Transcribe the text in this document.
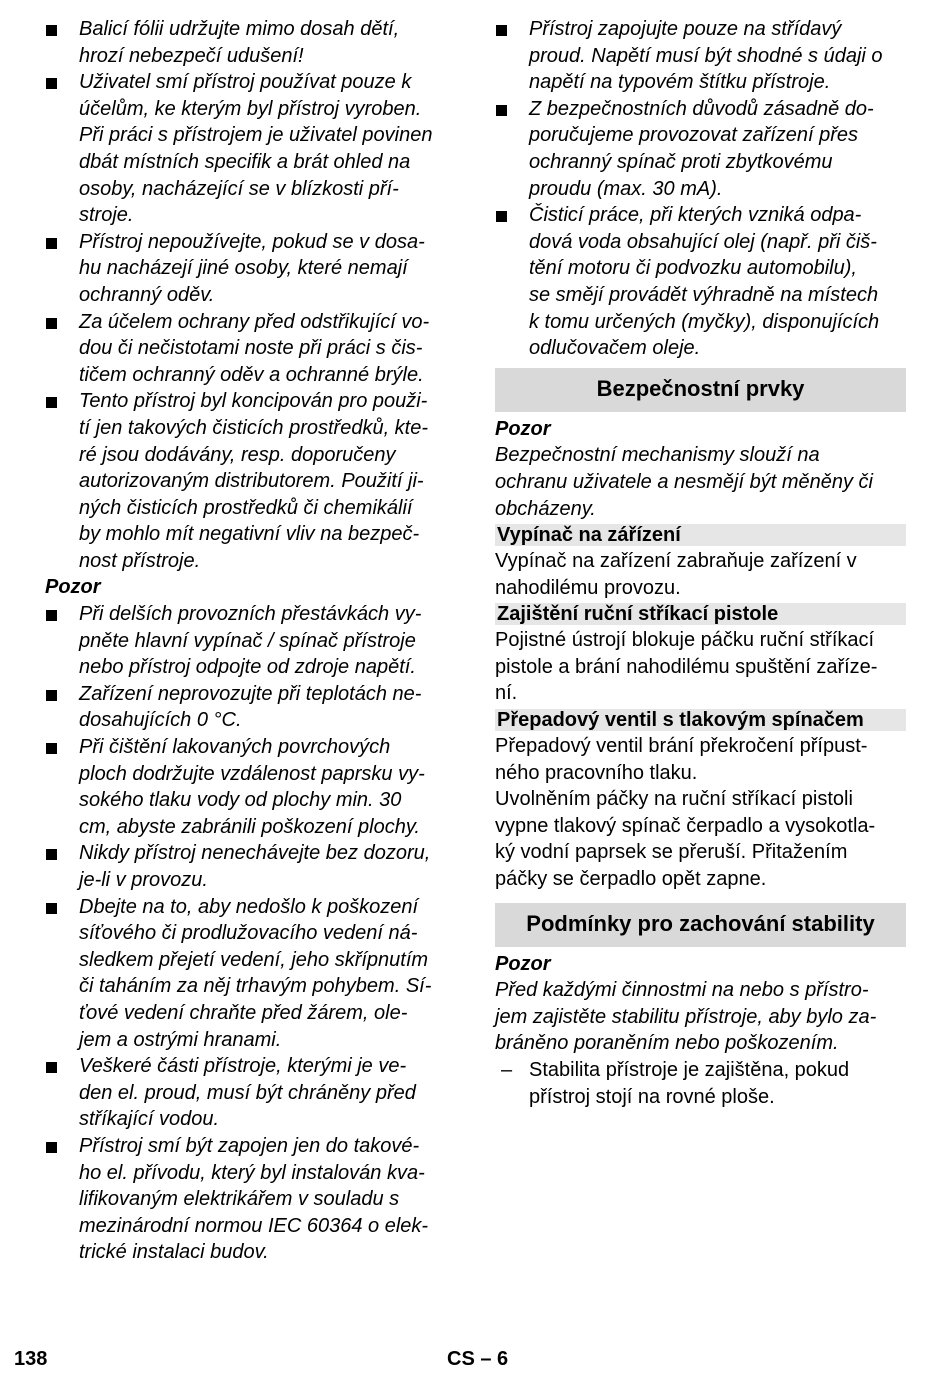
Balicí fólii udržujte mimo dosah dětí,
hrozí nebezpečí udušení!

Uživatel smí přístroj používat pouze k
účelům, ke kterým byl přístroj vyroben.
Při práci s přístrojem je uživatel povinen
dbát místních specifik a brát ohled na
osoby, nacházející se v blízkosti pří-
stroje.

Přístroj nepoužívejte, pokud se v dosa-
hu nacházejí jiné osoby, které nemají
ochranný oděv.

Za účelem ochrany před odstřikující vo-
dou či nečistotami noste při práci s čis-
tičem ochranný oděv a ochranné brýle.

Tento přístroj byl koncipován pro použi-
tí jen takových čisticích prostředků, kte-
ré jsou dodávány, resp. doporučeny
autorizovaným distributorem. Použití ji-
ných čisticích prostředků či chemikálií
by mohlo mít negativní vliv na bezpeč-
nost přístroje.

Pozor

Při delších provozních přestávkách vy-
pněte hlavní vypínač / spínač přístroje
nebo přístroj odpojte od zdroje napětí.

Zařízení neprovozujte při teplotách ne-
dosahujících 0 °C.

Při čištění lakovaných povrchových
ploch dodržujte vzdálenost paprsku vy-
sokého tlaku vody od plochy min. 30
cm, abyste zabránili poškození plochy.

Nikdy přístroj nenechávejte bez dozoru,
je-li v provozu.

Dbejte na to, aby nedošlo k poškození
síťového či prodlužovacího vedení ná-
sledkem přejetí vedení, jeho skřípnutím
či taháním za něj trhavým pohybem. Sí-
ťové vedení chraňte před žárem, ole-
jem a ostrými hranami.

Veškeré části přístroje, kterými je ve-
den el. proud, musí být chráněny před
stříkající vodou.

Přístroj smí být zapojen jen do takové-
ho el. přívodu, který byl instalován kva-
lifikovaným elektrikářem v souladu s
mezinárodní normou IEC 60364 o elek-
trické instalaci budov.

Přístroj zapojujte pouze na střídavý
proud. Napětí musí být shodné s údaji o
napětí na typovém štítku přístroje.

Z bezpečnostních důvodů zásadně do-
poručujeme provozovat zařízení přes
ochranný spínač proti zbytkovému
proudu (max. 30 mA).

Čisticí práce, při kterých vzniká odpa-
dová voda obsahující olej (např. při čiš-
tění motoru či podvozku automobilu),
se smějí provádět výhradně na místech
k tomu určených (myčky), disponujících
odlučovačem oleje.

Bezpečnostní prvky

Pozor

Bezpečnostní mechanismy slouží na
ochranu uživatele a nesmějí být měněny či
obcházeny.

Vypínač na zářízení

Vypínač na zařízení zabraňuje zařízení v
nahodilému provozu.

Zajištění ruční stříkací pistole

Pojistné ústrojí blokuje páčku ruční stříkací
pistole a brání nahodilému spuštění zaříze-
ní.

Přepadový ventil s tlakovým spínačem

Přepadový ventil brání překročení přípust-
ného pracovního tlaku.

Uvolněním páčky na ruční stříkací pistoli
vypne tlakový spínač čerpadlo a vysokotla-
ký vodní paprsek se přeruší. Přitažením
páčky se čerpadlo opět zapne.

Podmínky pro zachování stability

Pozor

Před každými činnostmi na nebo s přístro-
jem zajistěte stabilitu přístroje, aby bylo za-
bráněno poraněním nebo poškozením.

– Stabilita přístroje je zajištěna, pokud
přístroj stojí na rovné ploše.

138	CS – 6
